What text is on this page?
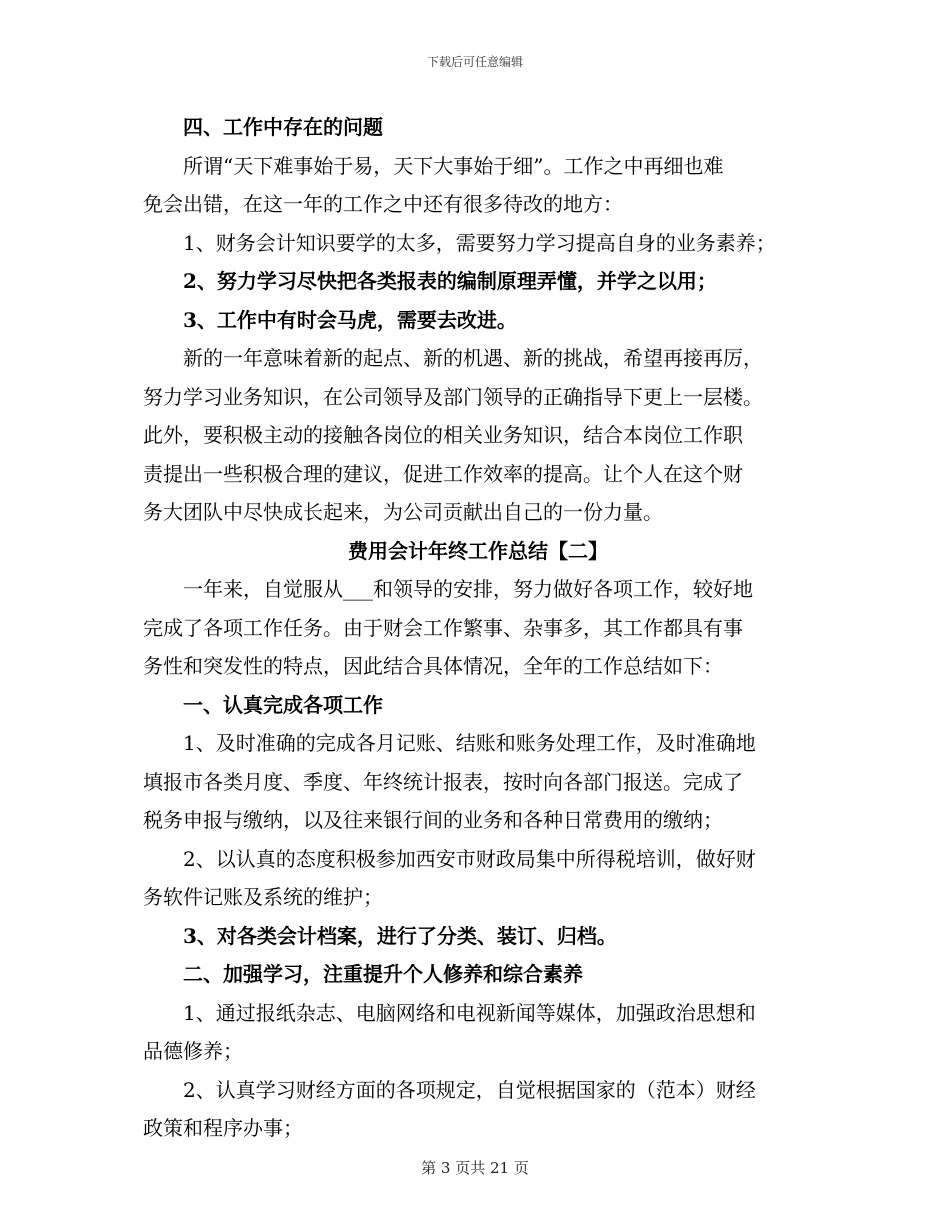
下载后可任意编辑

四、工作中存在的问题

所谓“天下难事始于易，天下大事始于细”。工作之中再细也难

免会出错，在这一年的工作之中还有很多待改的地方：

1、财务会计知识要学的太多，需要努力学习提高自身的业务素养；

2、努力学习尽快把各类报表的编制原理弄懂，并学之以用；

3、工作中有时会马虎，需要去改进。

新的一年意味着新的起点、新的机遇、新的挑战，希望再接再厉，

努力学习业务知识，在公司领导及部门领导的正确指导下更上一层楼。

此外，要积极主动的接触各岗位的相关业务知识，结合本岗位工作职

责提出一些积极合理的建议，促进工作效率的提高。让个人在这个财

务大团队中尽快成长起来，为公司贡献出自己的一份力量。

费用会计年终工作总结【二】

一年来，自觉服从___和领导的安排，努力做好各项工作，较好地

完成了各项工作任务。由于财会工作繁事、杂事多，其工作都具有事

务性和突发性的特点，因此结合具体情况，全年的工作总结如下：

一、认真完成各项工作

1、及时准确的完成各月记账、结账和账务处理工作，及时准确地

填报市各类月度、季度、年终统计报表，按时向各部门报送。完成了

税务申报与缴纳，以及往来银行间的业务和各种日常费用的缴纳；

2、以认真的态度积极参加西安市财政局集中所得税培训，做好财

务软件记账及系统的维护；

3、对各类会计档案，进行了分类、装订、归档。

二、加强学习，注重提升个人修养和综合素养

1、通过报纸杂志、电脑网络和电视新闻等媒体，加强政治思想和

品德修养；

2、认真学习财经方面的各项规定，自觉根据国家的（范本）财经

政策和程序办事；

第 3 页共 21 页
